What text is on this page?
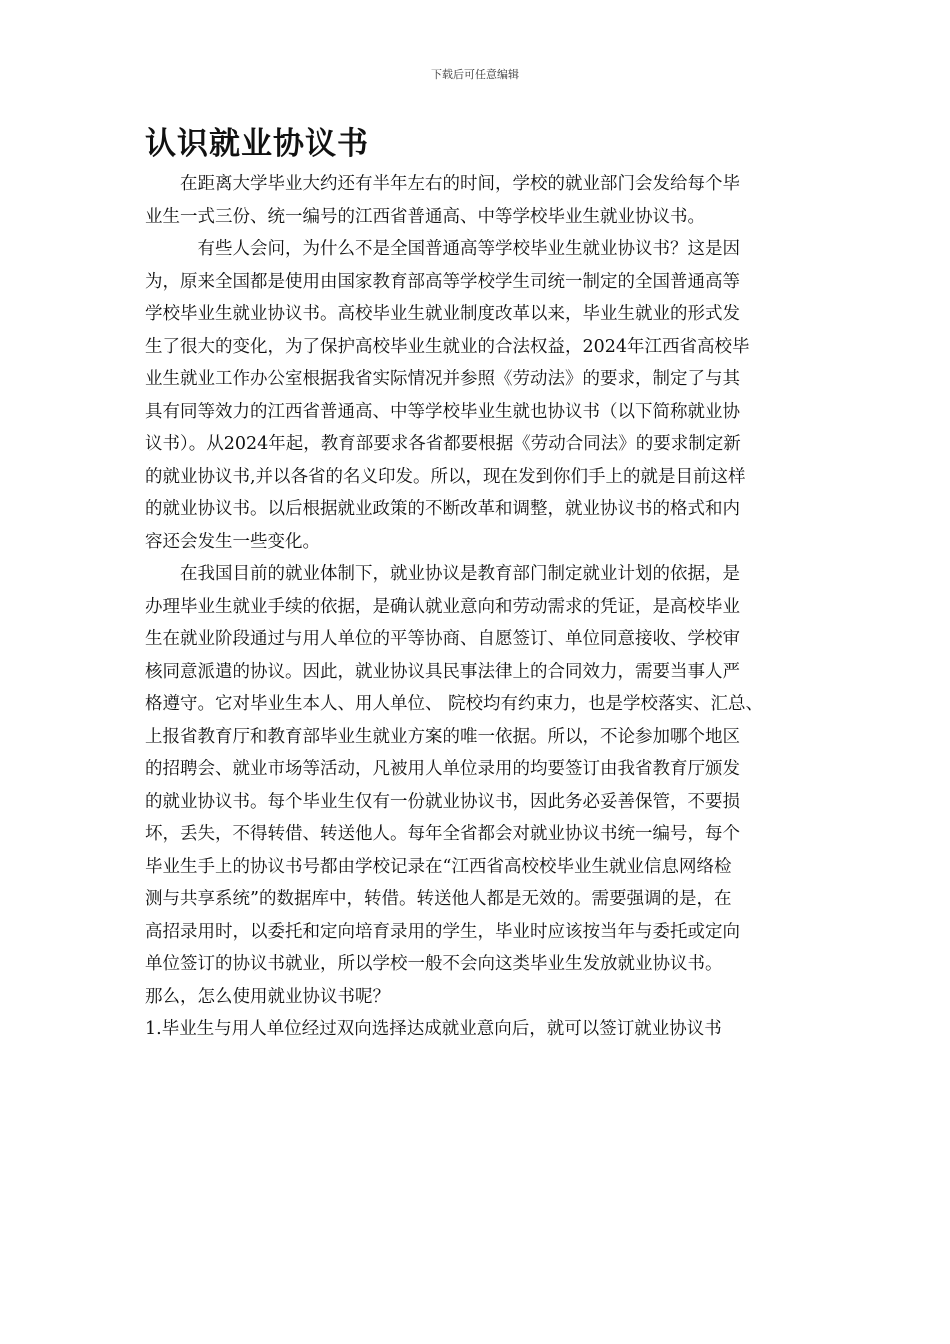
下载后可任意编辑
认识就业协议书
　　在距离大学毕业大约还有半年左右的时间，学校的就业部门会发给每个毕
业生一式三份、统一编号的江西省普通高、中等学校毕业生就业协议书。
　　　有些人会问，为什么不是全国普通高等学校毕业生就业协议书？这是因
为，原来全国都是使用由国家教育部高等学校学生司统一制定的全国普通高等
学校毕业生就业协议书。高校毕业生就业制度改革以来，毕业生就业的形式发
生了很大的变化，为了保护高校毕业生就业的合法权益，2024年江西省高校毕
业生就业工作办公室根据我省实际情况并参照《劳动法》的要求，制定了与其
具有同等效力的江西省普通高、中等学校毕业生就也协议书（以下简称就业协
议书）。从2024年起，教育部要求各省都要根据《劳动合同法》的要求制定新
的就业协议书,并以各省的名义印发。所以，现在发到你们手上的就是目前这样
的就业协议书。以后根据就业政策的不断改革和调整，就业协议书的格式和内
容还会发生一些变化。
　　在我国目前的就业体制下，就业协议是教育部门制定就业计划的依据，是
办理毕业生就业手续的依据，是确认就业意向和劳动需求的凭证，是高校毕业
生在就业阶段通过与用人单位的平等协商、自愿签订、单位同意接收、学校审
核同意派遣的协议。因此，就业协议具民事法律上的合同效力，需要当事人严
格遵守。它对毕业生本人、用人单位、 院校均有约束力，也是学校落实、汇总、
上报省教育厅和教育部毕业生就业方案的唯一依据。所以，不论参加哪个地区
的招聘会、就业市场等活动，凡被用人单位录用的均要签订由我省教育厅颁发
的就业协议书。每个毕业生仅有一份就业协议书，因此务必妥善保管，不要损
坏，丢失，不得转借、转送他人。每年全省都会对就业协议书统一编号，每个
毕业生手上的协议书号都由学校记录在“江西省高校校毕业生就业信息网络检
测与共享系统”的数据库中，转借。转送他人都是无效的。需要强调的是，在
高招录用时，以委托和定向培育录用的学生，毕业时应该按当年与委托或定向
单位签订的协议书就业，所以学校一般不会向这类毕业生发放就业协议书。
那么，怎么使用就业协议书呢？
1.毕业生与用人单位经过双向选择达成就业意向后，就可以签订就业协议书
